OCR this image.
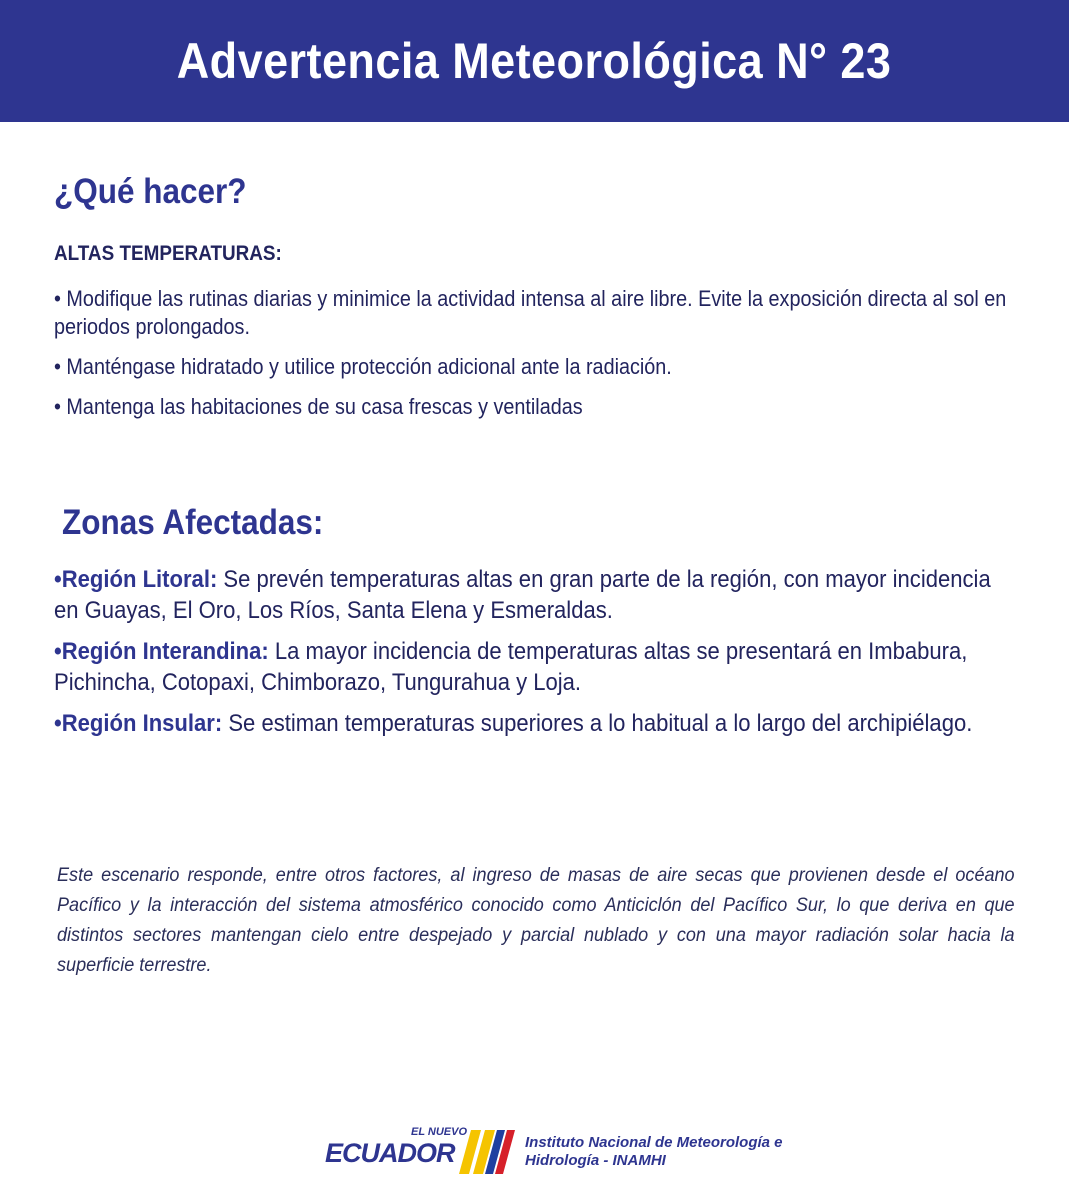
Advertencia Meteorológica N° 23
¿Qué hacer?

ALTAS TEMPERATURAS:

• Modifique las rutinas diarias y minimice la actividad intensa al aire libre. Evite la exposición directa al sol en periodos prolongados.

• Manténgase hidratado y utilice protección adicional ante la radiación.

• Mantenga las habitaciones de su casa frescas y ventiladas

Zonas Afectadas:

•Región Litoral: Se prevén temperaturas altas en gran parte de la región, con mayor incidencia en Guayas, El Oro, Los Ríos, Santa Elena y Esmeraldas.

•Región Interandina: La mayor incidencia de temperaturas altas se presentará en Imbabura, Pichincha, Cotopaxi, Chimborazo, Tungurahua y Loja.

•Región Insular: Se estiman temperaturas superiores a lo habitual a lo largo del archipiélago.

Este escenario responde, entre otros factores, al ingreso de masas de aire secas que provienen desde el océano Pacífico y la interacción del sistema atmosférico conocido como Anticiclón del Pacífico Sur, lo que deriva en que distintos sectores mantengan cielo entre despejado y parcial nublado y con una mayor radiación solar hacia la superficie terrestre.

EL NUEVO
ECUADOR	Instituto Nacional de Meteorología e
Hidrología - INAMHI
